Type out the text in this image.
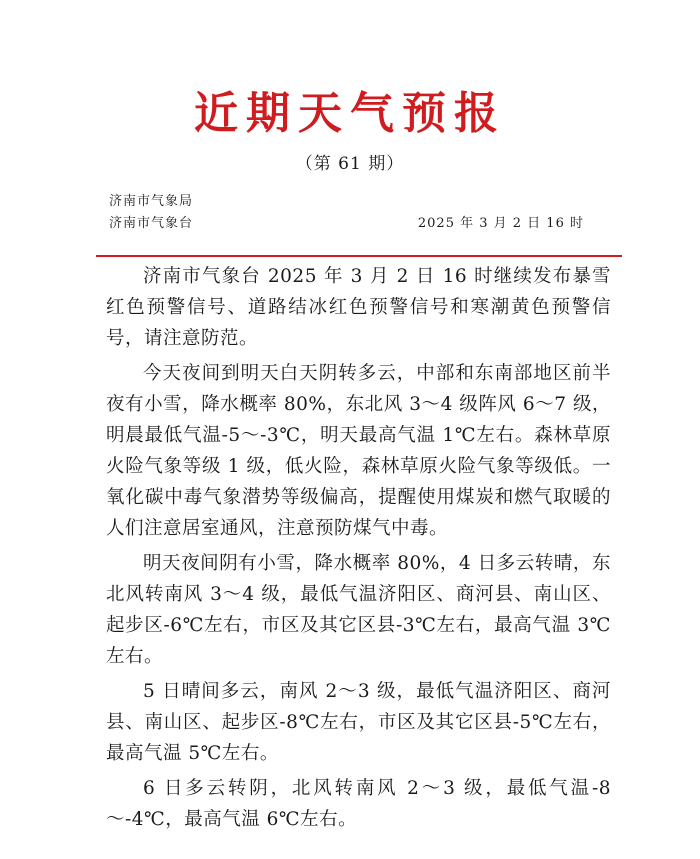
近期天气预报
（第 61 期）
济南市气象局
济南市气象台	2025 年 3 月 2 日 16 时

济南市气象台 2025 年 3 月 2 日 16 时继续发布暴雪红色预警信号、道路结冰红色预警信号和寒潮黄色预警信号，请注意防范。

今天夜间到明天白天阴转多云，中部和东南部地区前半夜有小雪，降水概率 80%，东北风 3～4 级阵风 6～7 级，明晨最低气温-5～-3℃，明天最高气温 1℃左右。森林草原火险气象等级 1 级，低火险，森林草原火险气象等级低。一氧化碳中毒气象潜势等级偏高，提醒使用煤炭和燃气取暖的人们注意居室通风，注意预防煤气中毒。

明天夜间阴有小雪，降水概率 80%，4 日多云转晴，东北风转南风 3～4 级，最低气温济阳区、商河县、南山区、起步区-6℃左右，市区及其它区县-3℃左右，最高气温 3℃左右。

5 日晴间多云，南风 2～3 级，最低气温济阳区、商河县、南山区、起步区-8℃左右，市区及其它区县-5℃左右，最高气温 5℃左右。

6 日多云转阴，北风转南风 2～3 级，最低气温-8～-4℃，最高气温 6℃左右。
